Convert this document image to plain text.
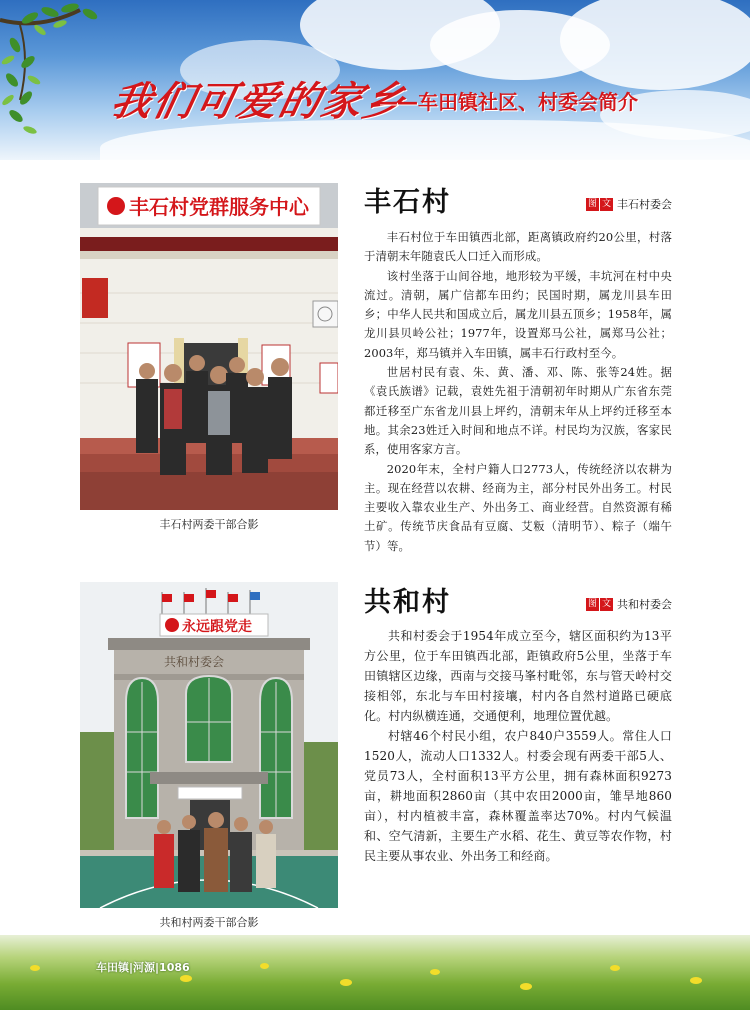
我们可爱的家乡
——车田镇社区、村委会简介
丰石村党群服务中心
丰石村两委干部合影
丰石村	图 文 丰石村委会

丰石村位于车田镇西北部，距离镇政府约20公里，村落于清朝末年随袁氏人口迁入而形成。

该村坐落于山间谷地，地形较为平缓，丰坑河在村中央流过。清朝，属广信都车田约；民国时期，属龙川县车田乡；中华人民共和国成立后，属龙川县五顶乡；1958年，属龙川县贝岭公社；1977年，设置郑马公社，属郑马公社；2003年，郑马镇并入车田镇，属丰石行政村至今。

世居村民有袁、朱、黄、潘、邓、陈、张等24姓。据《袁氏族谱》记载，袁姓先祖于清朝初年时期从广东省东莞都迁移至广东省龙川县上坪约，清朝末年从上坪约迁移至本地。其余23姓迁入时间和地点不详。村民均为汉族，客家民系，使用客家方言。

2020年末，全村户籍人口2773人，传统经济以农耕为主。现在经营以农耕、经商为主，部分村民外出务工。村民主要收入靠农业生产、外出务工、商业经营。自然资源有稀土矿。传统节庆食品有豆腐、艾粄（清明节）、粽子（端午节）等。

永远跟党走
共和村委会
共和村两委干部合影
共和村	图 文 共和村委会

共和村委会于1954年成立至今，辖区面积约为13平方公里，位于车田镇西北部，距镇政府5公里，坐落于车田镇辖区边缘，西南与交接马峯村毗邻，东与管天岭村交接相邻，东北与车田村接壤，村内各自然村道路已硬底化。村内纵横连通，交通便利，地理位置优越。

村辖46个村民小组，农户840户3559人。常住人口1520人，流动人口1332人。村委会现有两委干部5人、党员73人，全村面积13平方公里，拥有森林面积9273亩，耕地面积2860亩（其中农田2000亩，雏旱地860亩），村内植被丰富，森林覆盖率达70%。村内气候温和、空气清新，主要生产水稻、花生、黄豆等农作物，村民主要从事农业、外出务工和经商。

车田镇|河源|1086
